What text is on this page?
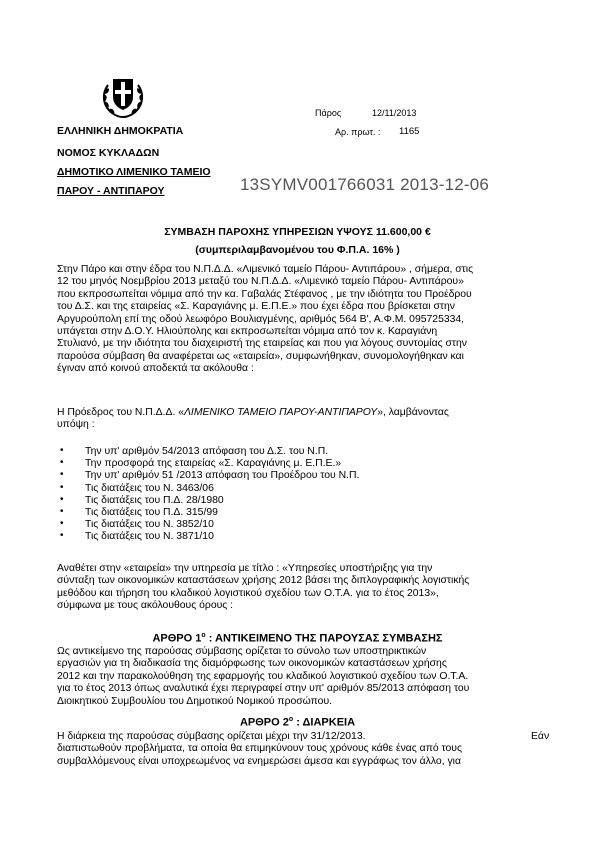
Πάρος	12/11/2013
Αρ. πρωτ. : 1165
ΕΛΛΗΝΙΚΗ ΔΗΜΟΚΡΑΤΙΑ
ΝΟΜΟΣ ΚΥΚΛΑΔΩΝ
ΔΗΜΟΤΙΚΟ ΛΙΜΕΝΙΚΟ ΤΑΜΕΙΟ
ΠΑΡΟΥ - ΑΝΤΙΠΑΡΟΥ	13SYMV001766031 2013-12-06
ΣΥΜΒΑΣΗ ΠΑΡΟΧΗΣ ΥΠΗΡΕΣΙΩΝ ΥΨΟΥΣ 11.600,00 €
(συμπεριλαμβανομένου του Φ.Π.Α. 16% )
Στην Πάρο και στην έδρα του Ν.Π.Δ.Δ. «Λιμενικό ταμείο Πάρου- Αντιπάρου» , σήμερα, στις
12 του μηνός Νοεμβρίου 2013 μεταξύ του Ν.Π.Δ.Δ. «Λιμενικό ταμείο Πάρου- Αντιπάρου»
που εκπροσωπείται νόμιμα από την κα. Γαβαλάς Στέφανος , με την ιδιότητα του Προέδρου
του Δ.Σ. και της εταιρείας «Σ. Καραγιάνης μ. Ε.Π.Ε.» που έχει έδρα που βρίσκεται στην
Αργυρούπολη επί της οδού λεωφόρο Βουλιαγμένης, αριθμός 564 Β', Α.Φ.Μ. 095725334,
υπάγεται στην Δ.Ο.Υ. Ηλιούπολης και εκπροσωπείται νόμιμα από τον κ. Καραγιάνη
Στυλιανό, με την ιδιότητα του διαχειριστή της εταιρείας και που για λόγους συντομίας στην
παρούσα σύμβαση θα αναφέρεται ως «εταιρεία», συμφωνήθηκαν, συνομολογήθηκαν και
έγιναν από κοινού αποδεκτά τα ακόλουθα :
Η Πρόεδρος του Ν.Π.Δ.Δ. «ΛΙΜΕΝΙΚΟ ΤΑΜΕΙΟ ΠΑΡΟΥ-ΑΝΤΙΠΑΡΟΥ», λαμβάνοντας
υπόψη :
• Την υπ' αριθμόν 54/2013 απόφαση του Δ.Σ. του Ν.Π.
• Την προσφορά της εταιρείας «Σ. Καραγιάνης μ. Ε.Π.Ε.»
• Την υπ' αριθμόν 51 /2013 απόφαση του Προέδρου του Ν.Π.
• Τις διατάξεις του Ν. 3463/06
• Τις διατάξεις του Π.Δ. 28/1980
• Τις διατάξεις του Π.Δ. 315/99
• Τις διατάξεις του Ν. 3852/10
• Τις διατάξεις του Ν. 3871/10
Αναθέτει στην «εταιρεία» την υπηρεσία με τίτλο : «Υπηρεσίες υποστήριξης για την
σύνταξη των οικονομικών καταστάσεων χρήσης 2012 βάσει της διπλογραφικής λογιστικής
μεθόδου και τήρηση του κλαδικού λογιστικού σχεδίου των Ο.Τ.Α. για το έτος 2013»,
σύμφωνα με τους ακόλουθους όρους :
ΑΡΘΡΟ $1^o$ : ΑΝΤΙΚΕΙΜΕΝΟ ΤΗΣ ΠΑΡΟΥΣΑΣ ΣΥΜΒΑΣΗΣ
Ως αντικείμενο της παρούσας σύμβασης ορίζεται το σύνολο των υποστηρικτικών
εργασιών για τη διαδικασία της διαμόρφωσης των οικονομικών καταστάσεων χρήσης
2012 και την παρακολούθηση της εφαρμογής του κλαδικού λογιστικού σχεδίου των Ο.Τ.Α.
για το έτος 2013 όπως αναλυτικά έχει περιγραφεί στην υπ' αριθμόν 85/2013 απόφαση του
Διοικητικού Συμβουλίου του Δημοτικού Νομικού προσώπου.
ΑΡΘΡΟ $2^o$ : ΔΙΑΡΚΕΙΑ
Η διάρκεια της παρούσας σύμβασης ορίζεται μέχρι την 31/12/2013.	Εάν
διαπιστωθούν προβλήματα, τα οποία θα επιμηκύνουν τους χρόνους κάθε ένας από τους
συμβαλλόμενους είναι υποχρεωμένος να ενημερώσει άμεσα και εγγράφως τον άλλο, για
